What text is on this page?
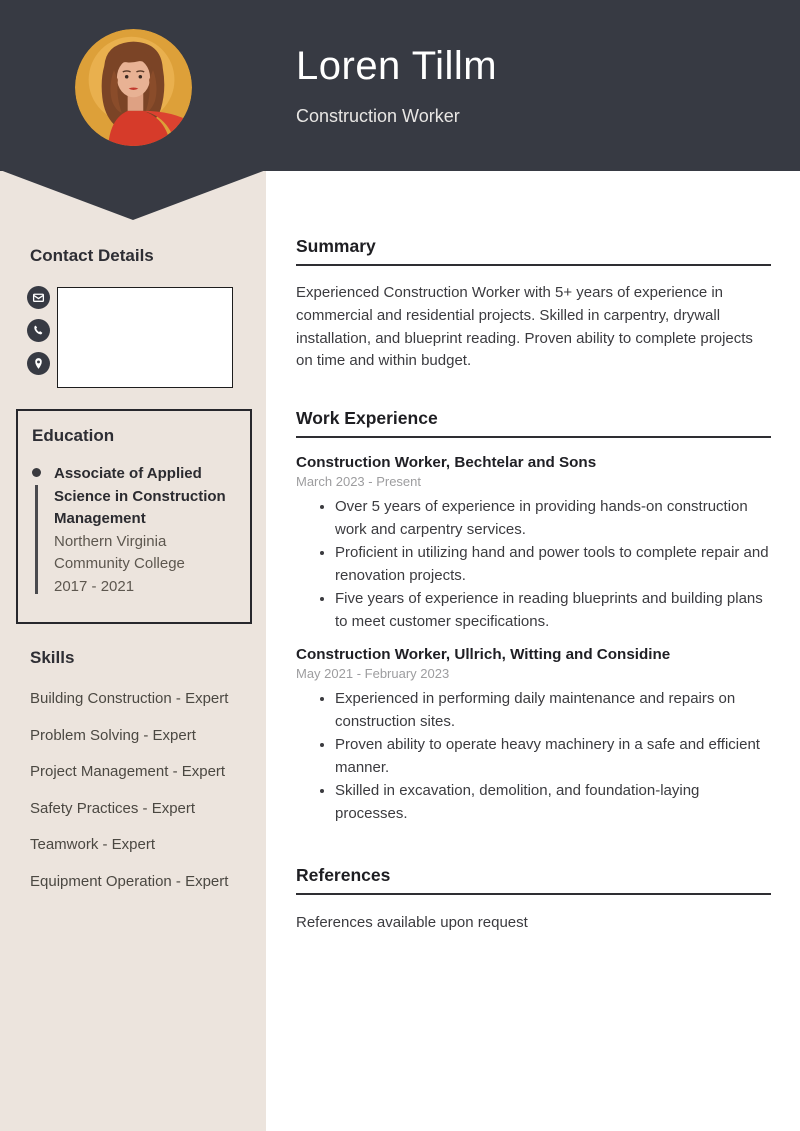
Loren Tillm
Construction Worker
Contact Details
Education
Associate of Applied Science in Construction Management
Northern Virginia Community College
2017 - 2021
Skills
Building Construction - Expert
Problem Solving - Expert
Project Management - Expert
Safety Practices - Expert
Teamwork - Expert
Equipment Operation - Expert
Summary

Experienced Construction Worker with 5+ years of experience in commercial and residential projects. Skilled in carpentry, drywall installation, and blueprint reading. Proven ability to complete projects on time and within budget.

Work Experience
Construction Worker, Bechtelar and Sons
March 2023 - Present
• Over 5 years of experience in providing hands-on construction work and carpentry services.
• Proficient in utilizing hand and power tools to complete repair and renovation projects.
• Five years of experience in reading blueprints and building plans to meet customer specifications.
Construction Worker, Ullrich, Witting and Considine
May 2021 - February 2023
• Experienced in performing daily maintenance and repairs on construction sites.
• Proven ability to operate heavy machinery in a safe and efficient manner.
• Skilled in excavation, demolition, and foundation-laying processes.
References

References available upon request
